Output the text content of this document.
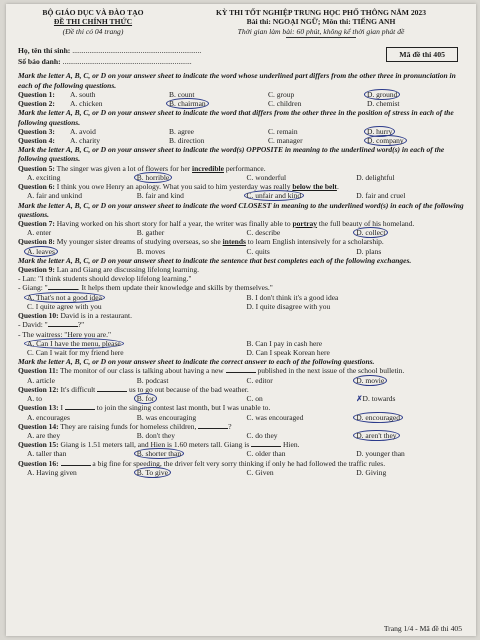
BỘ GIÁO DỤC VÀ ĐÀO TẠO
ĐỀ THI CHÍNH THỨC
(Đề thi có 04 trang)
KỲ THI TỐT NGHIỆP TRUNG HỌC PHỔ THÔNG NĂM 2023
Bài thi: NGOẠI NGỮ; Môn thi: TIẾNG ANH
Thời gian làm bài: 60 phút, không kể thời gian phát đề
Họ, tên thí sinh: ....................................................................
Số báo danh: ....................................................................
Mã đề thi 405
Mark the letter A, B, C, or D on your answer sheet to indicate the word whose underlined part differs from the other three in pronunciation in each of the following questions.
Question 1:	A. south	B. count	C. group	D. ground
Question 2:	A. chicken	B. chairman	C. children	D. chemist
Mark the letter A, B, C, or D on your answer sheet to indicate the word that differs from the other three in the position of stress in each of the following questions.
Question 3:	A. avoid	B. agree	C. remain	D. hurry
Question 4:	A. charity	B. direction	C. manager	D. company
Mark the letter A, B, C, or D on your answer sheet to indicate the word(s) OPPOSITE in meaning to the underlined word(s) in each of the following questions.
Question 5: The singer was given a lot of flowers for her incredible performance.
A. exciting	B. horrible	C. wonderful	D. delightful
Question 6: I think you owe Henry an apology. What you said to him yesterday was really below the belt.
A. fair and unkind	B. fair and kind	C. unfair and kind	D. fair and cruel
Mark the letter A, B, C, or D on your answer sheet to indicate the word CLOSEST in meaning to the underlined word(s) in each of the following questions.
Question 7: Having worked on his short story for half a year, the writer was finally able to portray the full beauty of his homeland.
A. enter	B. gather	C. describe	D. collect
Question 8: My younger sister dreams of studying overseas, so she intends to learn English intensively for a scholarship.
A. leaves	B. moves	C. quits	D. plans
Mark the letter A, B, C, or D on your answer sheet to indicate the sentence that best completes each of the following exchanges.
Question 9: Lan and Giang are discussing lifelong learning.
- Lan: "I think students should develop lifelong learning."
- Giang: "	. It helps them update their knowledge and skills by themselves."
A. That's not a good idea	B. I don't think it's a good idea
C. I quite agree with you	D. I quite disagree with you
Question 10: David is in a restaurant.
- David: "	?"
- The waitress: "Here you are."
A. Can I have the menu, please	B. Can I pay in cash here
C. Can I wait for my friend here	D. Can I speak Korean here
Mark the letter A, B, C, or D on your answer sheet to indicate the correct answer to each of the following questions.
Question 11: The monitor of our class is talking about having a new	published in the next issue of the school bulletin.
A. article	B. podcast	C. editor	D. movie
Question 12: It's difficult	us to go out because of the bad weather.
A. to	B. for	C. on	✗D. towards
Question 13: I	to join the singing contest last month, but I was unable to.
A. encourages	B. was encouraging	C. was encouraged	D. encouraged
Question 14: They are raising funds for homeless children,	?
A. are they	B. don't they	C. do they	D. aren't they
Question 15: Giang is 1.51 meters tall, and Hien is 1.60 meters tall. Giang is	Hien.
A. taller than	B. shorter than	C. older than	D. younger than
Question 16:	a big fine for speeding, the driver felt very sorry thinking if only he had followed the traffic rules.
A. Having given	B. To give	C. Given	D. Giving
Trang 1/4 - Mã đề thi 405
